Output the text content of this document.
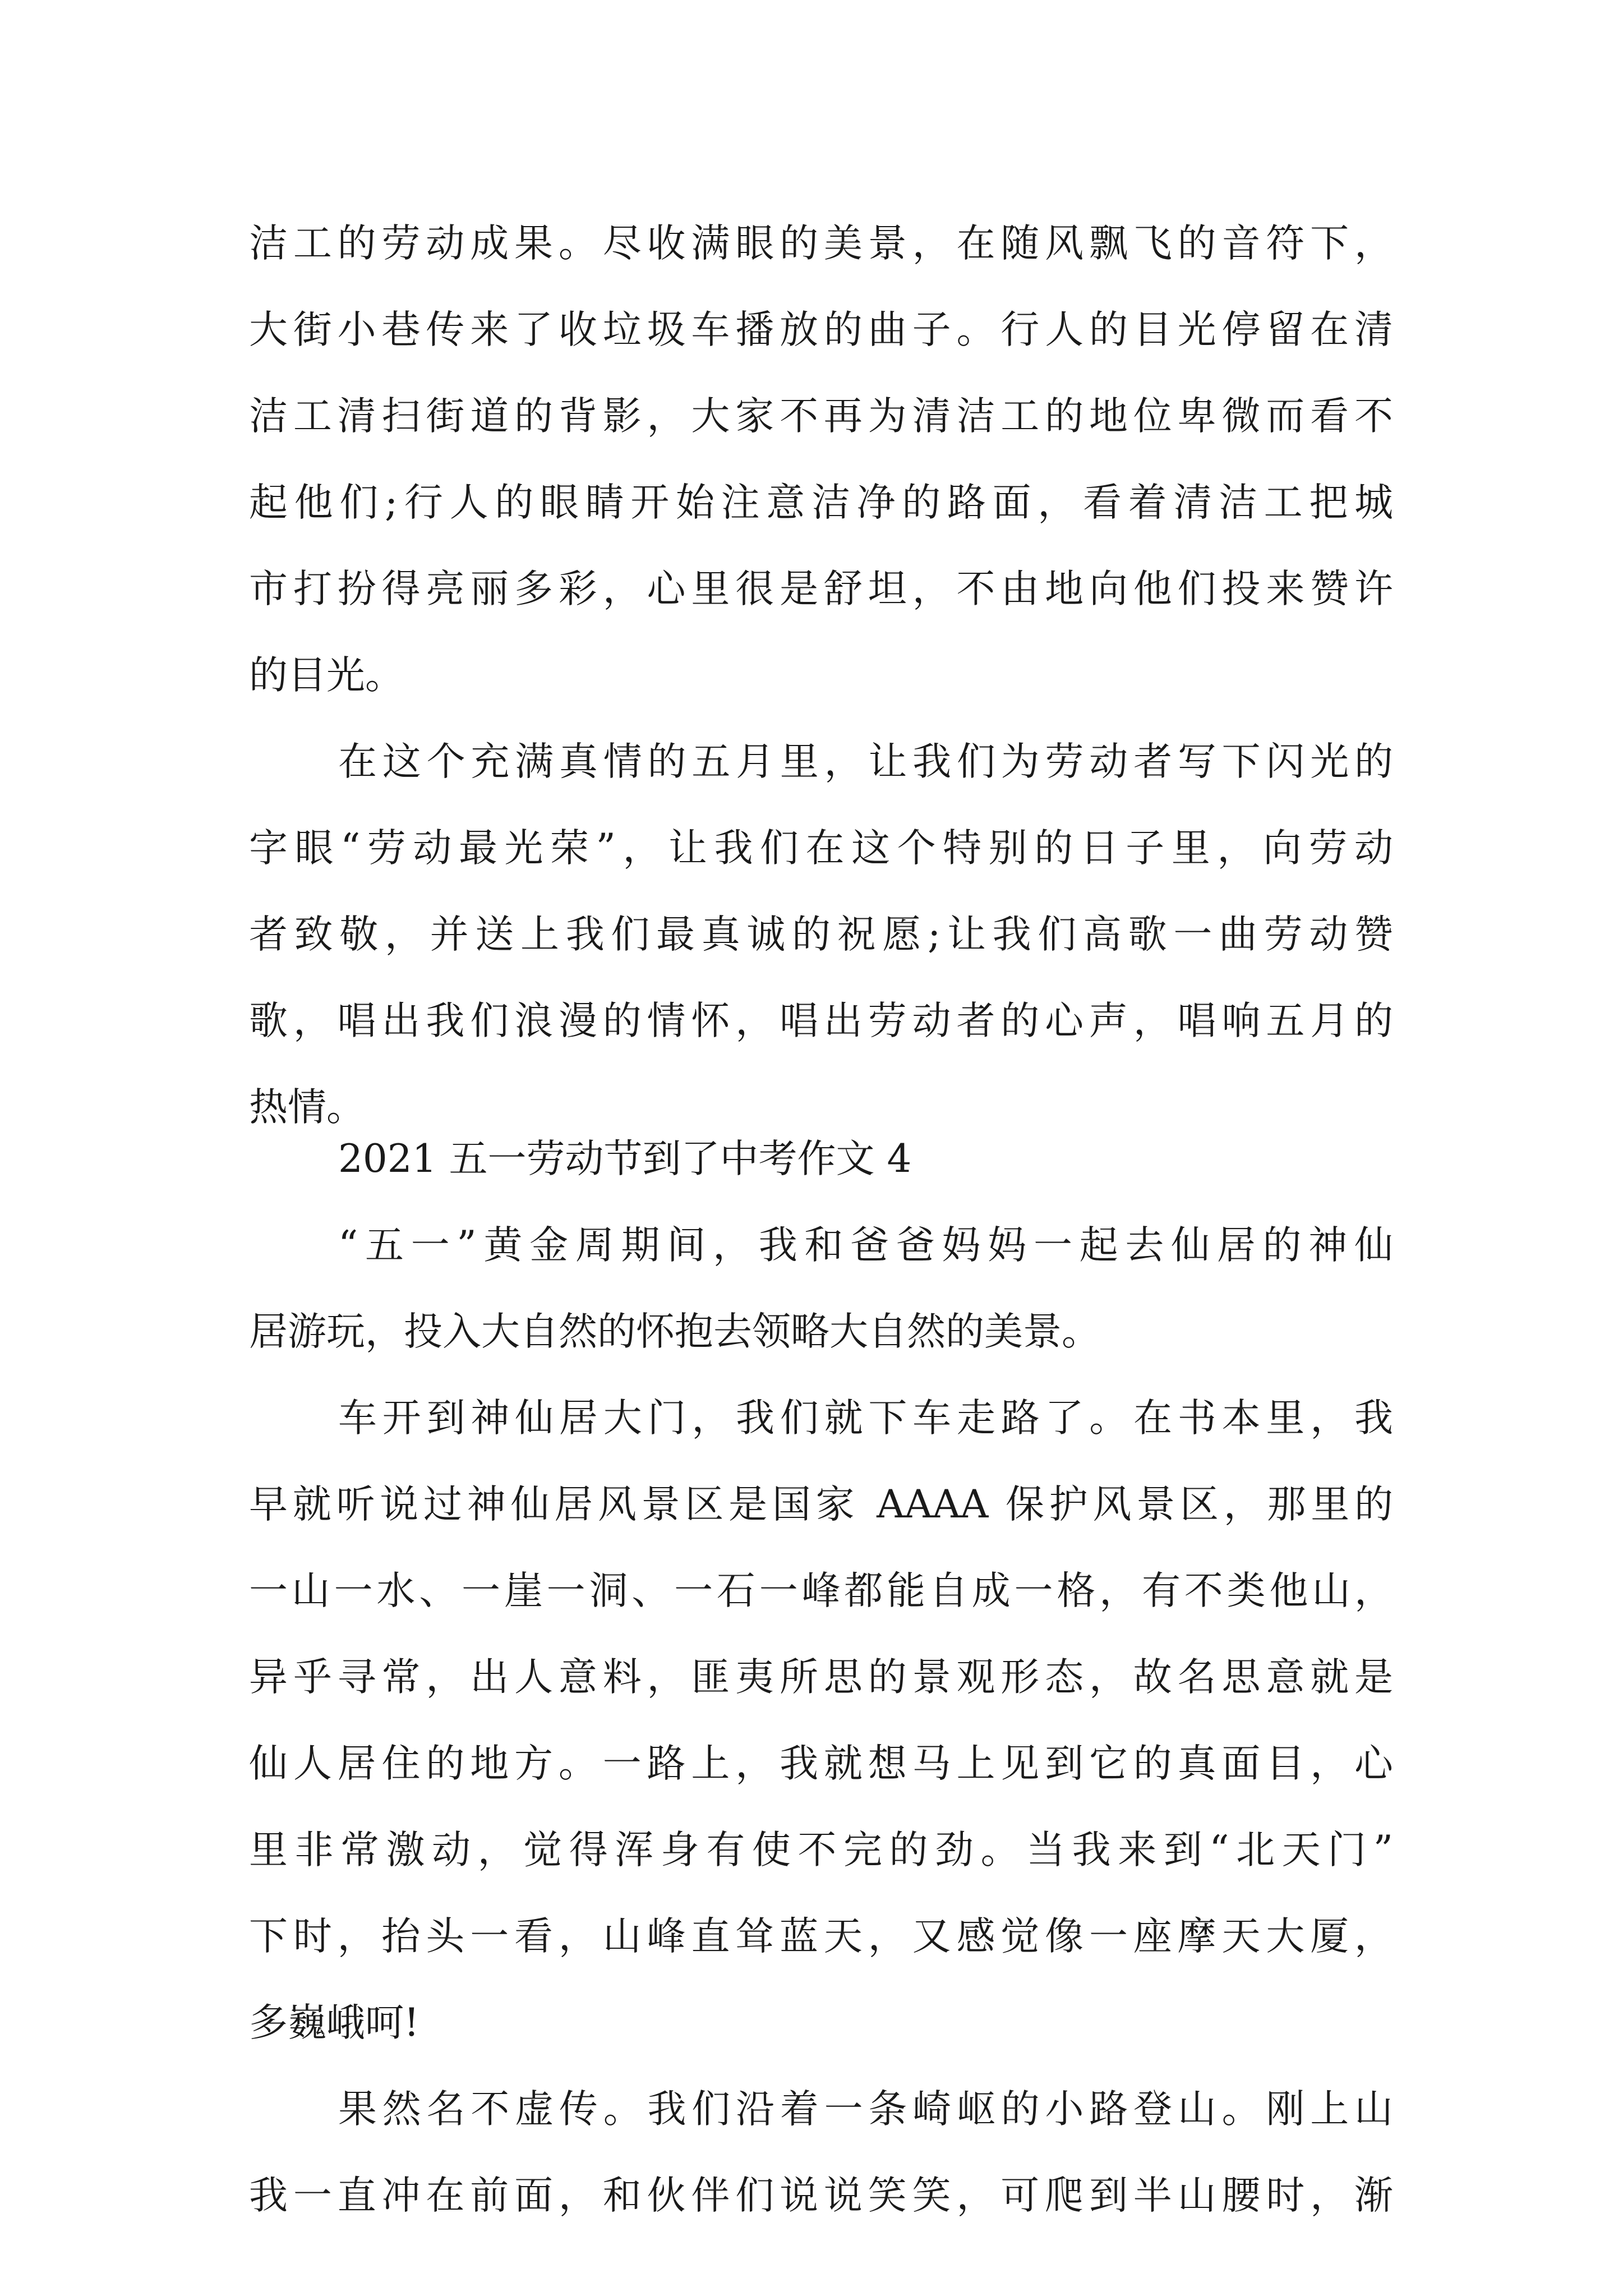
洁工的劳动成果。尽收满眼的美景，在随风飘飞的音符下，
大街小巷传来了收垃圾车播放的曲子。行人的目光停留在清
洁工清扫街道的背影，大家不再为清洁工的地位卑微而看不
起他们;行人的眼睛开始注意洁净的路面，看着清洁工把城
市打扮得亮丽多彩，心里很是舒坦，不由地向他们投来赞许
的目光。
在这个充满真情的五月里，让我们为劳动者写下闪光的
字眼“劳动最光荣”，让我们在这个特别的日子里，向劳动
者致敬，并送上我们最真诚的祝愿;让我们高歌一曲劳动赞
歌，唱出我们浪漫的情怀，唱出劳动者的心声，唱响五月的
热情。
2021 五一劳动节到了中考作文 4
“五一”黄金周期间，我和爸爸妈妈一起去仙居的神仙
居游玩，投入大自然的怀抱去领略大自然的美景。
车开到神仙居大门，我们就下车走路了。在书本里，我
早就听说过神仙居风景区是国家 AAAA 保护风景区，那里的
一山一水、一崖一洞、一石一峰都能自成一格，有不类他山，
异乎寻常，出人意料，匪夷所思的景观形态，故名思意就是
仙人居住的地方。一路上，我就想马上见到它的真面目，心
里非常激动，觉得浑身有使不完的劲。当我来到“北天门”
下时，抬头一看，山峰直耸蓝天，又感觉像一座摩天大厦，
多巍峨呵!
果然名不虚传。我们沿着一条崎岖的小路登山。刚上山
我一直冲在前面，和伙伴们说说笑笑，可爬到半山腰时，渐
